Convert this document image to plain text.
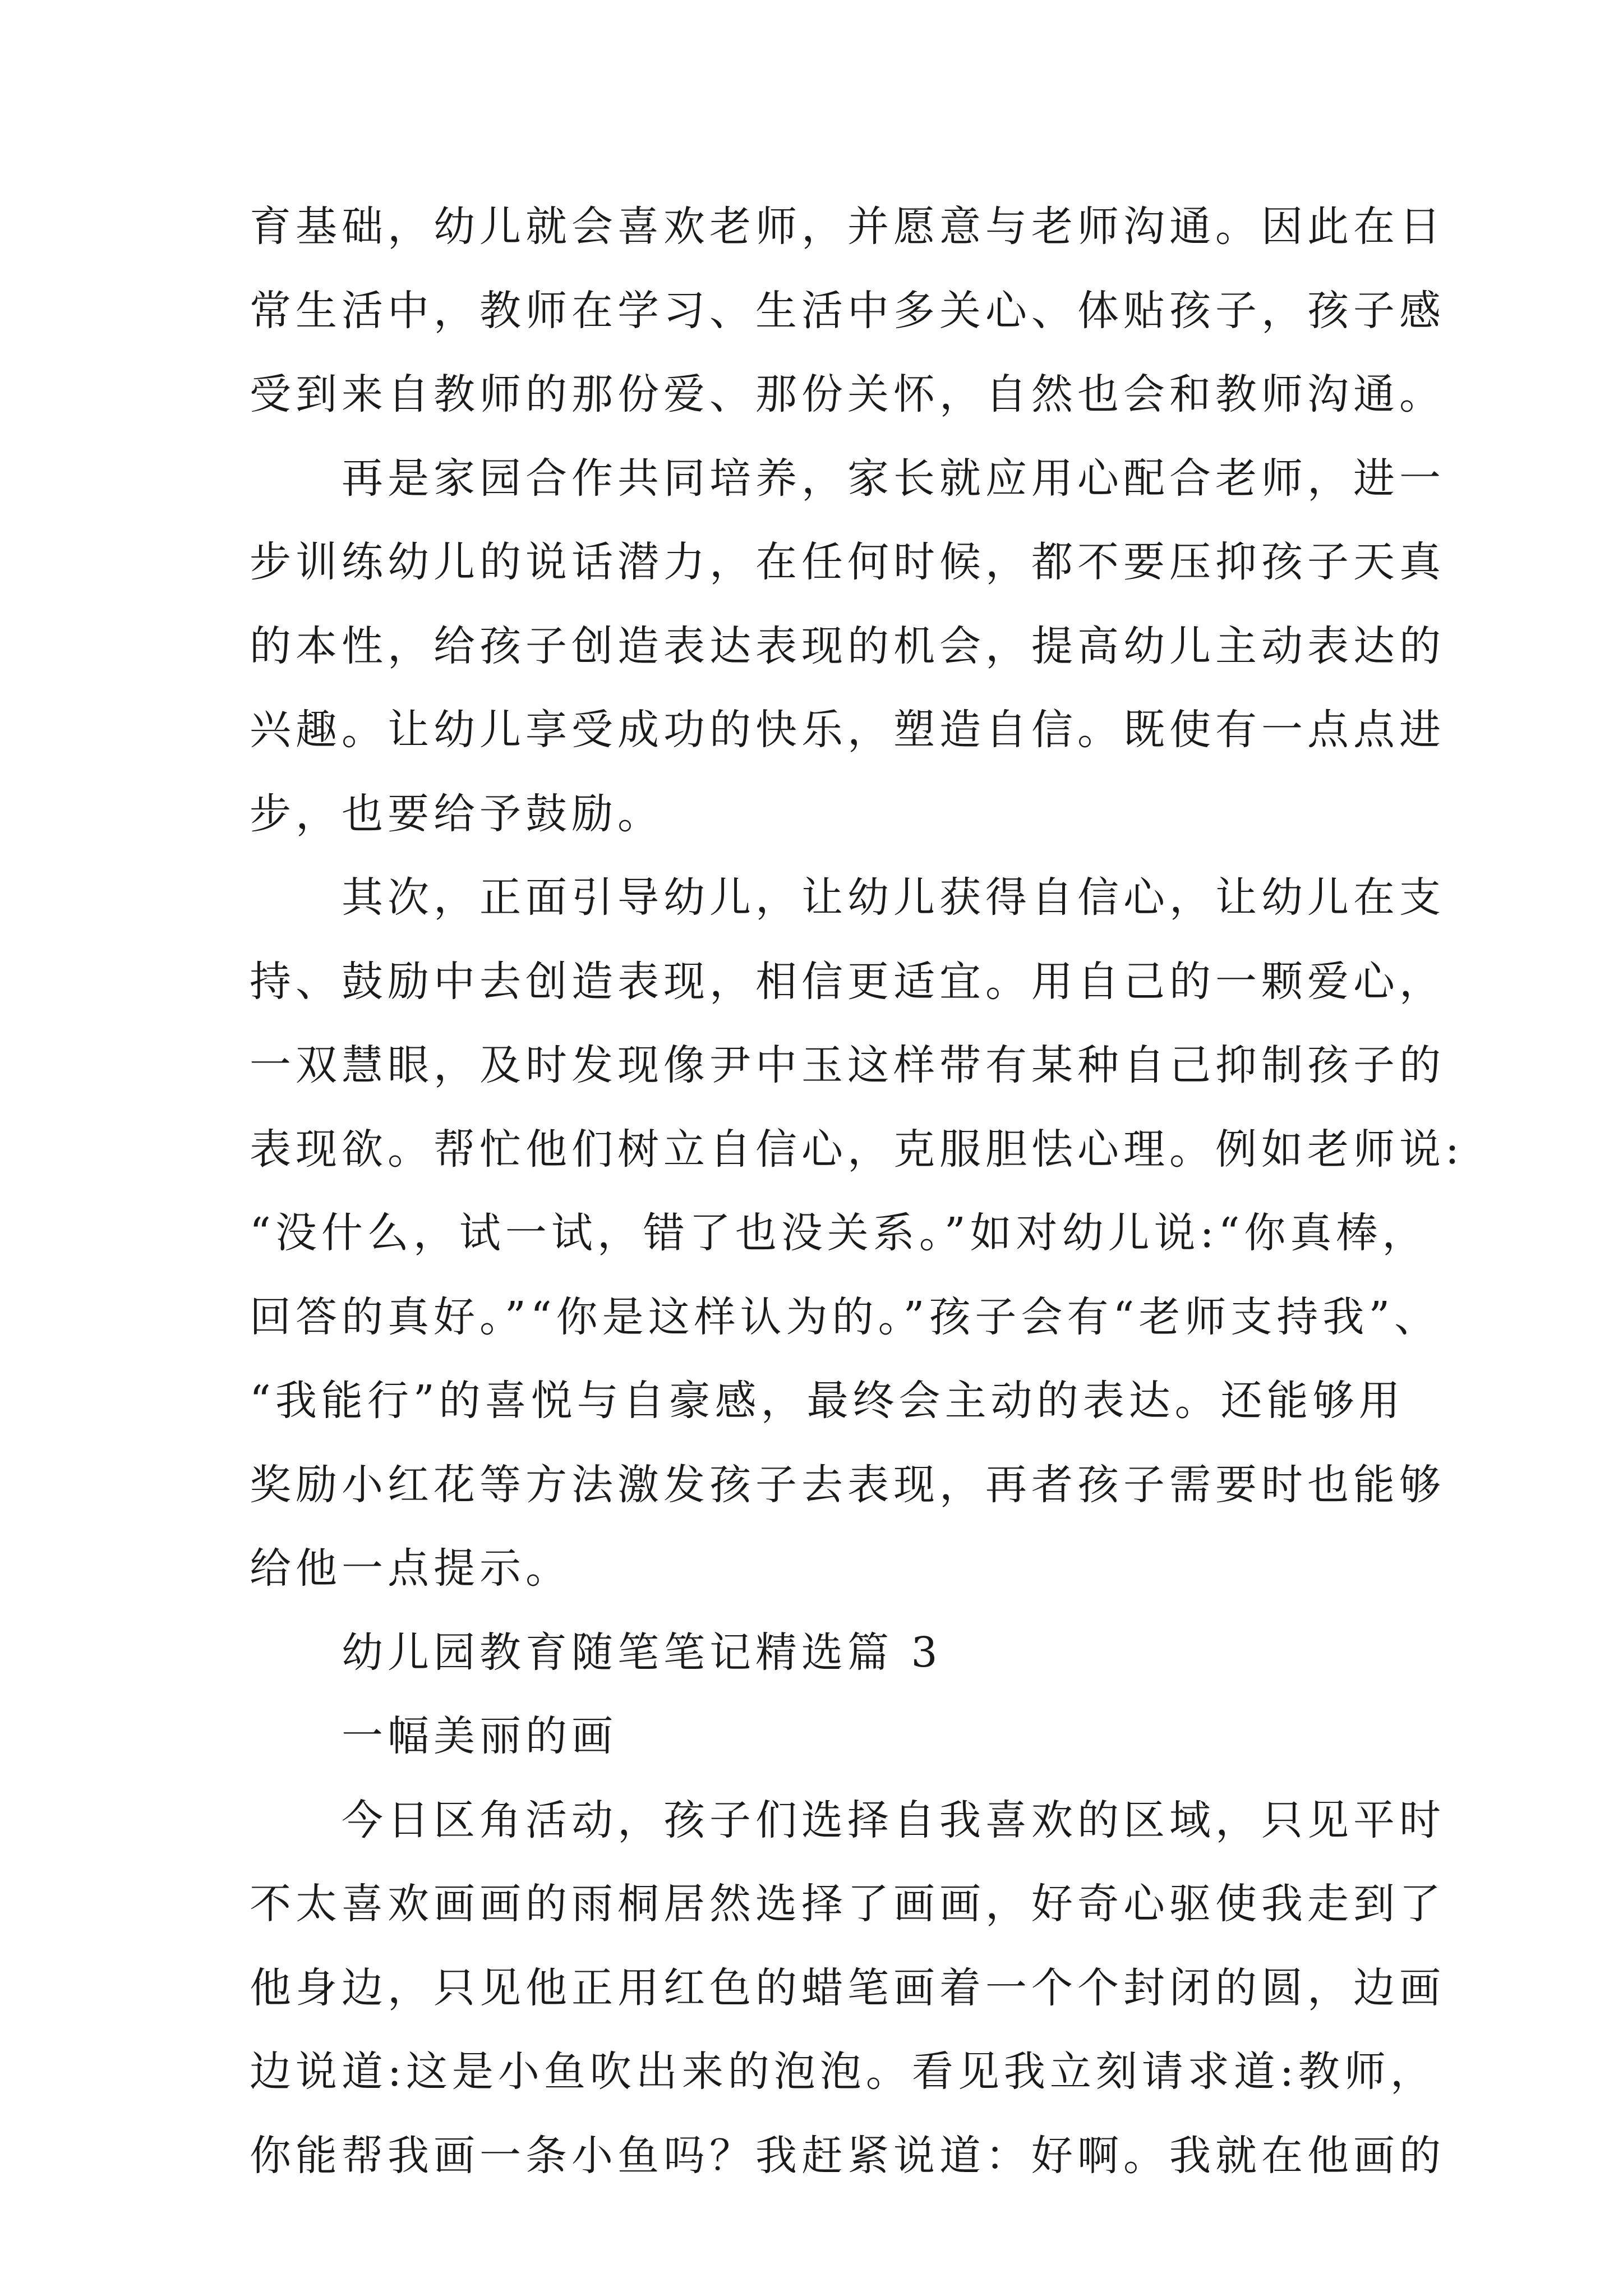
育基础，幼儿就会喜欢老师，并愿意与老师沟通。因此在日
常生活中，教师在学习、生活中多关心、体贴孩子，孩子感
受到来自教师的那份爱、那份关怀，自然也会和教师沟通。
再是家园合作共同培养，家长就应用心配合老师，进一
步训练幼儿的说话潜力，在任何时候，都不要压抑孩子天真
的本性，给孩子创造表达表现的机会，提高幼儿主动表达的
兴趣。让幼儿享受成功的快乐，塑造自信。既使有一点点进
步，也要给予鼓励。
其次，正面引导幼儿，让幼儿获得自信心，让幼儿在支
持、鼓励中去创造表现，相信更适宜。用自己的一颗爱心，
一双慧眼，及时发现像尹中玉这样带有某种自己抑制孩子的
表现欲。帮忙他们树立自信心，克服胆怯心理。例如老师说:
“没什么，试一试，错了也没关系。”如对幼儿说:“你真棒，
回答的真好。”“你是这样认为的。”孩子会有“老师支持我”、
“我能行”的喜悦与自豪感，最终会主动的表达。还能够用
奖励小红花等方法激发孩子去表现，再者孩子需要时也能够
给他一点提示。
幼儿园教育随笔笔记精选篇 3
一幅美丽的画
今日区角活动，孩子们选择自我喜欢的区域，只见平时
不太喜欢画画的雨桐居然选择了画画，好奇心驱使我走到了
他身边，只见他正用红色的蜡笔画着一个个封闭的圆，边画
边说道:这是小鱼吹出来的泡泡。看见我立刻请求道:教师，
你能帮我画一条小鱼吗？我赶紧说道：好啊。我就在他画的
